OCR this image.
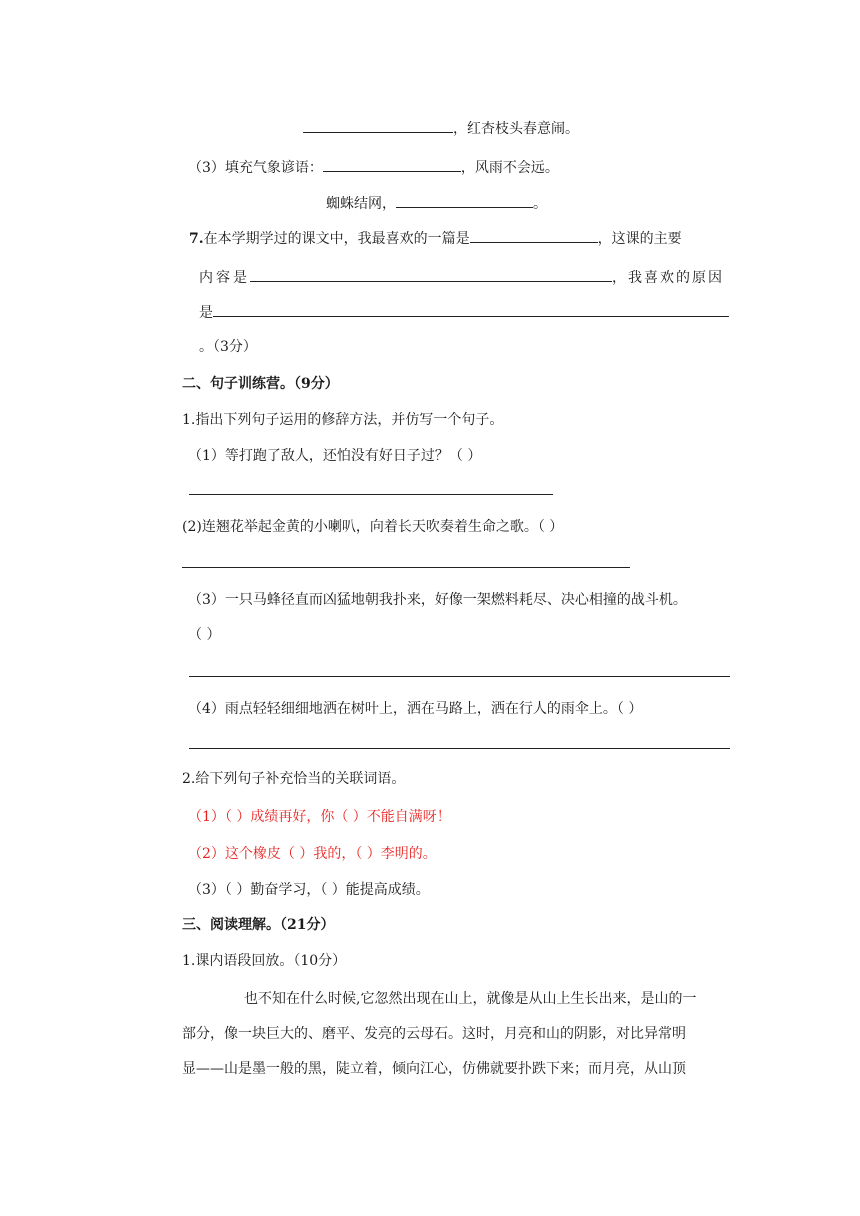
，红杏枝头春意闹。
（3）填充气象谚语：	，风雨不会远。
蜘蛛结网，	。
7.在本学期学过的课文中，我最喜欢的一篇是	，这课的主要
内容是	，我喜欢的原因
是
。（3分）
二、句子训练营。（9分）
1.指出下列句子运用的修辞方法，并仿写一个句子。
（1）等打跑了敌人，还怕没有好日子过？（ ）
(2)连翘花举起金黄的小喇叭，向着长天吹奏着生命之歌。（ ）
（3）一只马蜂径直而凶猛地朝我扑来，好像一架燃料耗尽、决心相撞的战斗机。
（ ）
（4）雨点轻轻细细地洒在树叶上，洒在马路上，洒在行人的雨伞上。（ ）
2.给下列句子补充恰当的关联词语。
（1）（ ）成绩再好，你（ ）不能自满呀！
（2）这个橡皮（ ）我的，（ ）李明的。
（3）（ ）勤奋学习，（ ）能提高成绩。
三、阅读理解。（21分）
1.课内语段回放。（10分）
也不知在什么时候,它忽然出现在山上，就像是从山上生长出来，是山的一
部分，像一块巨大的、磨平、发亮的云母石。这时，月亮和山的阴影，对比异常明
显——山是墨一般的黑，陡立着，倾向江心，仿佛就要扑跌下来；而月亮，从山顶
